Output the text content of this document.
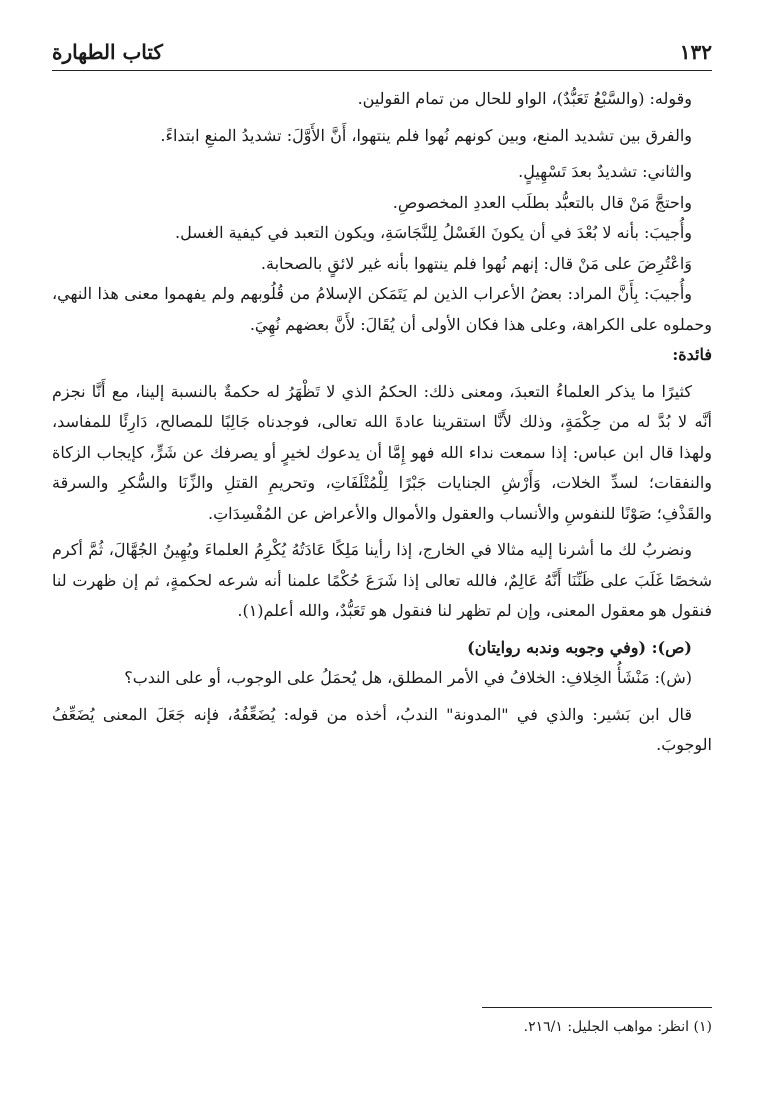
١٣٢
كتاب الطهارة

وقوله: (والسَّبْعُ تَعَبُّدٌ)، الواو للحال من تمام القولين.

والفرق بين تشديد المنع، وبين كونهم نُهوا فلم ينتهوا، أَنَّ الأَوَّلَ: تشديدُ المنعِ ابتداءً.

والثاني: تشديدٌ بعدَ تَسْهِيلٍ.

واحتجَّ مَنْ قال بالتعبُّد بطلَب العددِ المخصوصِ.

وأُجيبَ: بأنه لا بُعْدَ في أن يكونَ الغَسْلُ لِلنَّجَاسَةِ، ويكون التعبد في كيفية الغسل.

وَاعْتُرِضَ على مَنْ قال: إنهم نُهوا فلم ينتهوا بأنه غير لائقٍ بالصحابة.

وأُجيبَ: بِأَنَّ المراد: بعضُ الأعراب الذين لم يَتَمَكن الإسلامُ من قُلُوبهم ولم يفهموا معنى هذا النهي، وحملوه على الكراهة، وعلى هذا فكان الأولى أن يُقَالَ: لأَنَّ بعضهم نُهِيَ.

فائدة:

كثيرًا ما يذكر العلماءُ التعبدَ، ومعنى ذلك: الحكمُ الذي لا تَظْهَرُ له حكمةٌ بالنسبة إلينا، مع أَنَّا نجزم أنَّه لا بُدَّ له من حِكْمَةٍ، وذلك لأَنَّا استقرينا عادةَ الله تعالى، فوجدناه جَالِبًا للمصالح، دَارِئًا للمفاسد، ولهذا قال ابن عباس: إذا سمعت نداء الله فهو إِمَّا أن يدعوك لخيرٍ أو يصرفك عن شَرٍّ، كإيجاب الزكاة والنفقات؛ لسدِّ الخلات، وَأَرْشِ الجنايات جَبْرًا لِلْمُتْلَفَاتِ، وتحريمِ القتلِ والزِّنَا والسُّكرِ والسرقة والقَذْفِ؛ صَوْنًا للنفوسِ والأنساب والعقول والأموال والأعراض عن المُفْسِدَاتِ.

ونضربُ لك ما أشرنا إليه مثالا في الخارج، إذا رأينا مَلِكًا عَادَتُهُ يُكْرِمُ العلماءَ ويُهِينُ الجُهَّالَ، ثُمَّ أكرم شخصًا غَلَبَ على ظَنِّنَا أَنَّهُ عَالِمٌ، فالله تعالى إذا شَرَعَ حُكْمًا علمنا أنه شرعه لحكمةٍ، ثم إن ظهرت لنا فنقول هو معقول المعنى، وإن لم تظهر لنا فنقول هو تَعَبُّدٌ، والله أعلم(١).

(ص): (وفي وجوبه وندبه روايتان)

(ش): مَنْشَأُ الخِلافِ: الخلافُ في الأمر المطلق، هل يُحمَلُ على الوجوب، أو على الندب؟

قال ابن بَشير: والذي في "المدونة" الندبُ، أخذه من قوله: يُضَعِّفُهُ، فإنه جَعَلَ المعنى يُضَعِّفُ الوجوبَ.

(١) انظر: مواهب الجليل: ٢١٦/١.
